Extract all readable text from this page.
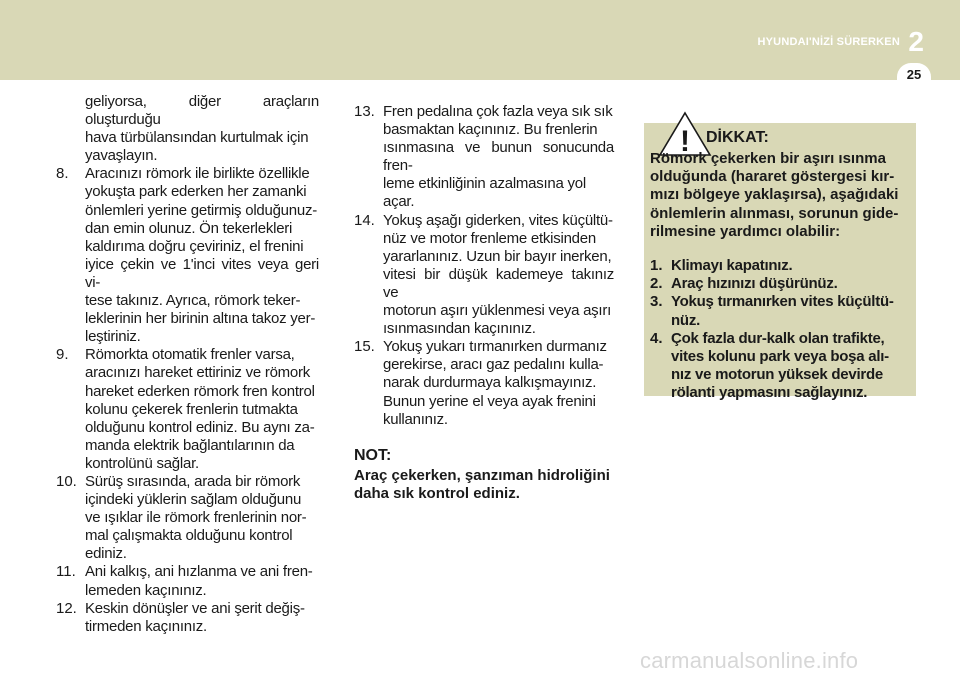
HYUNDAI'NİZİ SÜRERKEN 2
25
geliyorsa, diğer araçların oluşturduğu
hava türbülansından kurtulmak için
yavaşlayın.
8.	Aracınızı römork ile birlikte özellikle
yokuşta park ederken her zamanki
önlemleri yerine getirmiş olduğunuz-
dan emin olunuz. Ön tekerlekleri
kaldırıma doğru çeviriniz, el frenini
iyice çekin ve 1'inci vites veya geri vi-
tese takınız. Ayrıca, römork teker-
leklerinin her birinin altına takoz yer-
leştiriniz.
9.	Römorkta otomatik frenler varsa,
aracınızı hareket ettiriniz ve römork
hareket ederken römork fren kontrol
kolunu çekerek frenlerin tutmakta
olduğunu kontrol ediniz. Bu aynı za-
manda elektrik bağlantılarının da
kontrolünü sağlar.
10. Sürüş sırasında, arada bir römork
içindeki yüklerin sağlam olduğunu
ve ışıklar ile römork frenlerinin nor-
mal çalışmakta olduğunu kontrol
ediniz.
11. Ani kalkış, ani hızlanma ve ani fren-
lemeden kaçınınız.
12. Keskin dönüşler ve ani şerit değiş-
tirmeden kaçınınız.
13. Fren pedalına çok fazla veya sık sık
basmaktan kaçınınız. Bu frenlerin
ısınmasına ve bunun sonucunda fren-
leme etkinliğinin azalmasına yol
açar.
14. Yokuş aşağı giderken, vites küçültü-
nüz ve motor frenleme etkisinden
yararlanınız. Uzun bir bayır inerken,
vitesi bir düşük kademeye takınız ve
motorun aşırı yüklenmesi veya aşırı
ısınmasından kaçınınız.
15. Yokuş yukarı tırmanırken durmanız
gerekirse, aracı gaz pedalını kulla-
narak durdurmaya kalkışmayınız.
Bunun yerine el veya ayak frenini
kullanınız.
NOT:
Araç çekerken, şanzıman hidroliğini
daha sık kontrol ediniz.
! DİKKAT:
Römork çekerken bir aşırı ısınma
olduğunda (hararet göstergesi kır-
mızı bölgeye yaklaşırsa), aşağıdaki
önlemlerin alınması, sorunun gide-
rilmesine yardımcı olabilir:
1. Klimayı kapatınız.
2. Araç hızınızı düşürünüz.
3. Yokuş tırmanırken vites küçültü-
nüz.
4. Çok fazla dur-kalk olan trafikte,
vites kolunu park veya boşa alı-
nız ve motorun yüksek devirde
rölanti yapmasını sağlayınız.
carmanualsonline.info
